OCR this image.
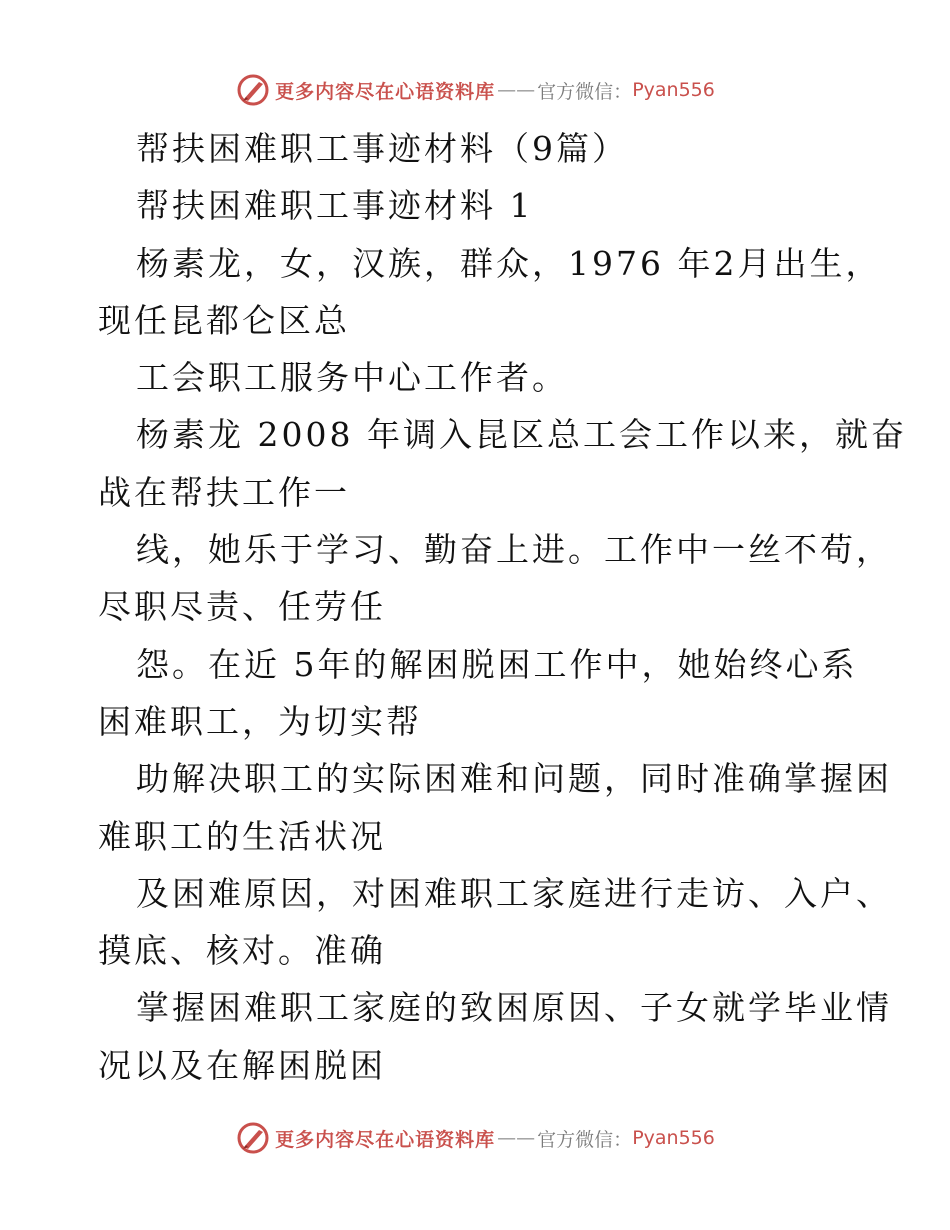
更多内容尽在心语资料库 —— 官方微信 ： Pyan556
帮扶困难职工事迹材料（9篇）
帮扶困难职工事迹材料 1
杨素龙，女，汉族，群众，1976 年2月出生，
现任昆都仑区总
工会职工服务中心工作者。
杨素龙 2008 年调入昆区总工会工作以来，就奋
战在帮扶工作一
线，她乐于学习、勤奋上进。工作中一丝不苟，
尽职尽责、任劳任
怨。在近 5年的解困脱困工作中，她始终心系
困难职工，为切实帮
助解决职工的实际困难和问题，同时准确掌握困
难职工的生活状况
及困难原因，对困难职工家庭进行走访、入户、
摸底、核对。准确
掌握困难职工家庭的致困原因、子女就学毕业情
况以及在解困脱困
更多内容尽在心语资料库 —— 官方微信 ： Pyan556
